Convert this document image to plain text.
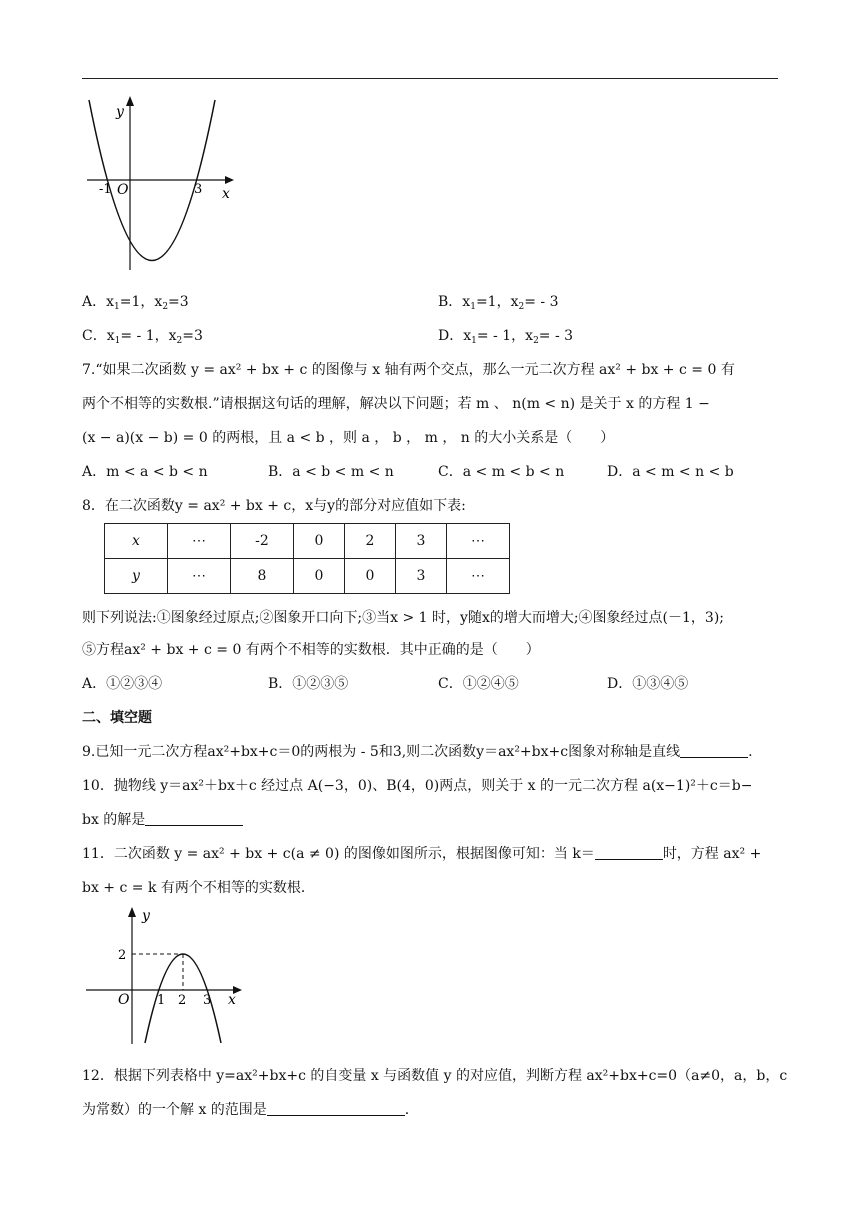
y
O
-1	3 x
A．$x_1=1$，$x_2=3$	B．$x_1=1$，$x_2= - 3$
C．$x_1= - 1$，$x_2=3$	D．$x_1= - 1$，$x_2= - 3$
7.“如果二次函数 y = ax² + bx + c 的图像与 x 轴有两个交点，那么一元二次方程 ax² + bx + c = 0 有
两个不相等的实数根.”请根据这句话的理解，解决以下问题；若 m 、 n(m < n) 是关于 x 的方程 1 −
(x − a)(x − b) = 0 的两根，且 a < b ，则 a ， b ， m ， n 的大小关系是（　　）
A．m < a < b < n	B．a < b < m < n	C．a < m < b < n	D．a < m < n < b
8．在二次函数y = ax² + bx + c，x与y的部分对应值如下表:
x	⋯	-2	0	2	3	⋯
y	⋯	8	0	0	3	⋯
则下列说法:①图象经过原点;②图象开口向下;③当x > 1 时，y随x的增大而增大;④图象经过点(－1，3);
⑤方程ax² + bx + c = 0 有两个不相等的实数根．其中正确的是（　　）
A．①②③④	B．①②③⑤	C．①②④⑤	D．①③④⑤
二、填空题
9.已知一元二次方程ax²+bx+c＝0的两根为 - 5和3,则二次函数y＝ax²+bx+c图象对称轴是直线	.
10．抛物线 y＝ax²＋bx＋c 经过点 A(−3，0)、B(4，0)两点，则关于 x 的一元二次方程 a(x−1)²＋c＝b−
bx 的解是
11．二次函数 y = ax² + bx + c(a ≠ 0) 的图像如图所示，根据图像可知：当 k＝	时，方程 ax² +
bx + c = k 有两个不相等的实数根．
y
2
O 1 2 3 x
12．根据下列表格中 y=ax²+bx+c 的自变量 x 与函数值 y 的对应值，判断方程 ax²+bx+c=0（a≠0，a，b，c
为常数）的一个解 x 的范围是	.
